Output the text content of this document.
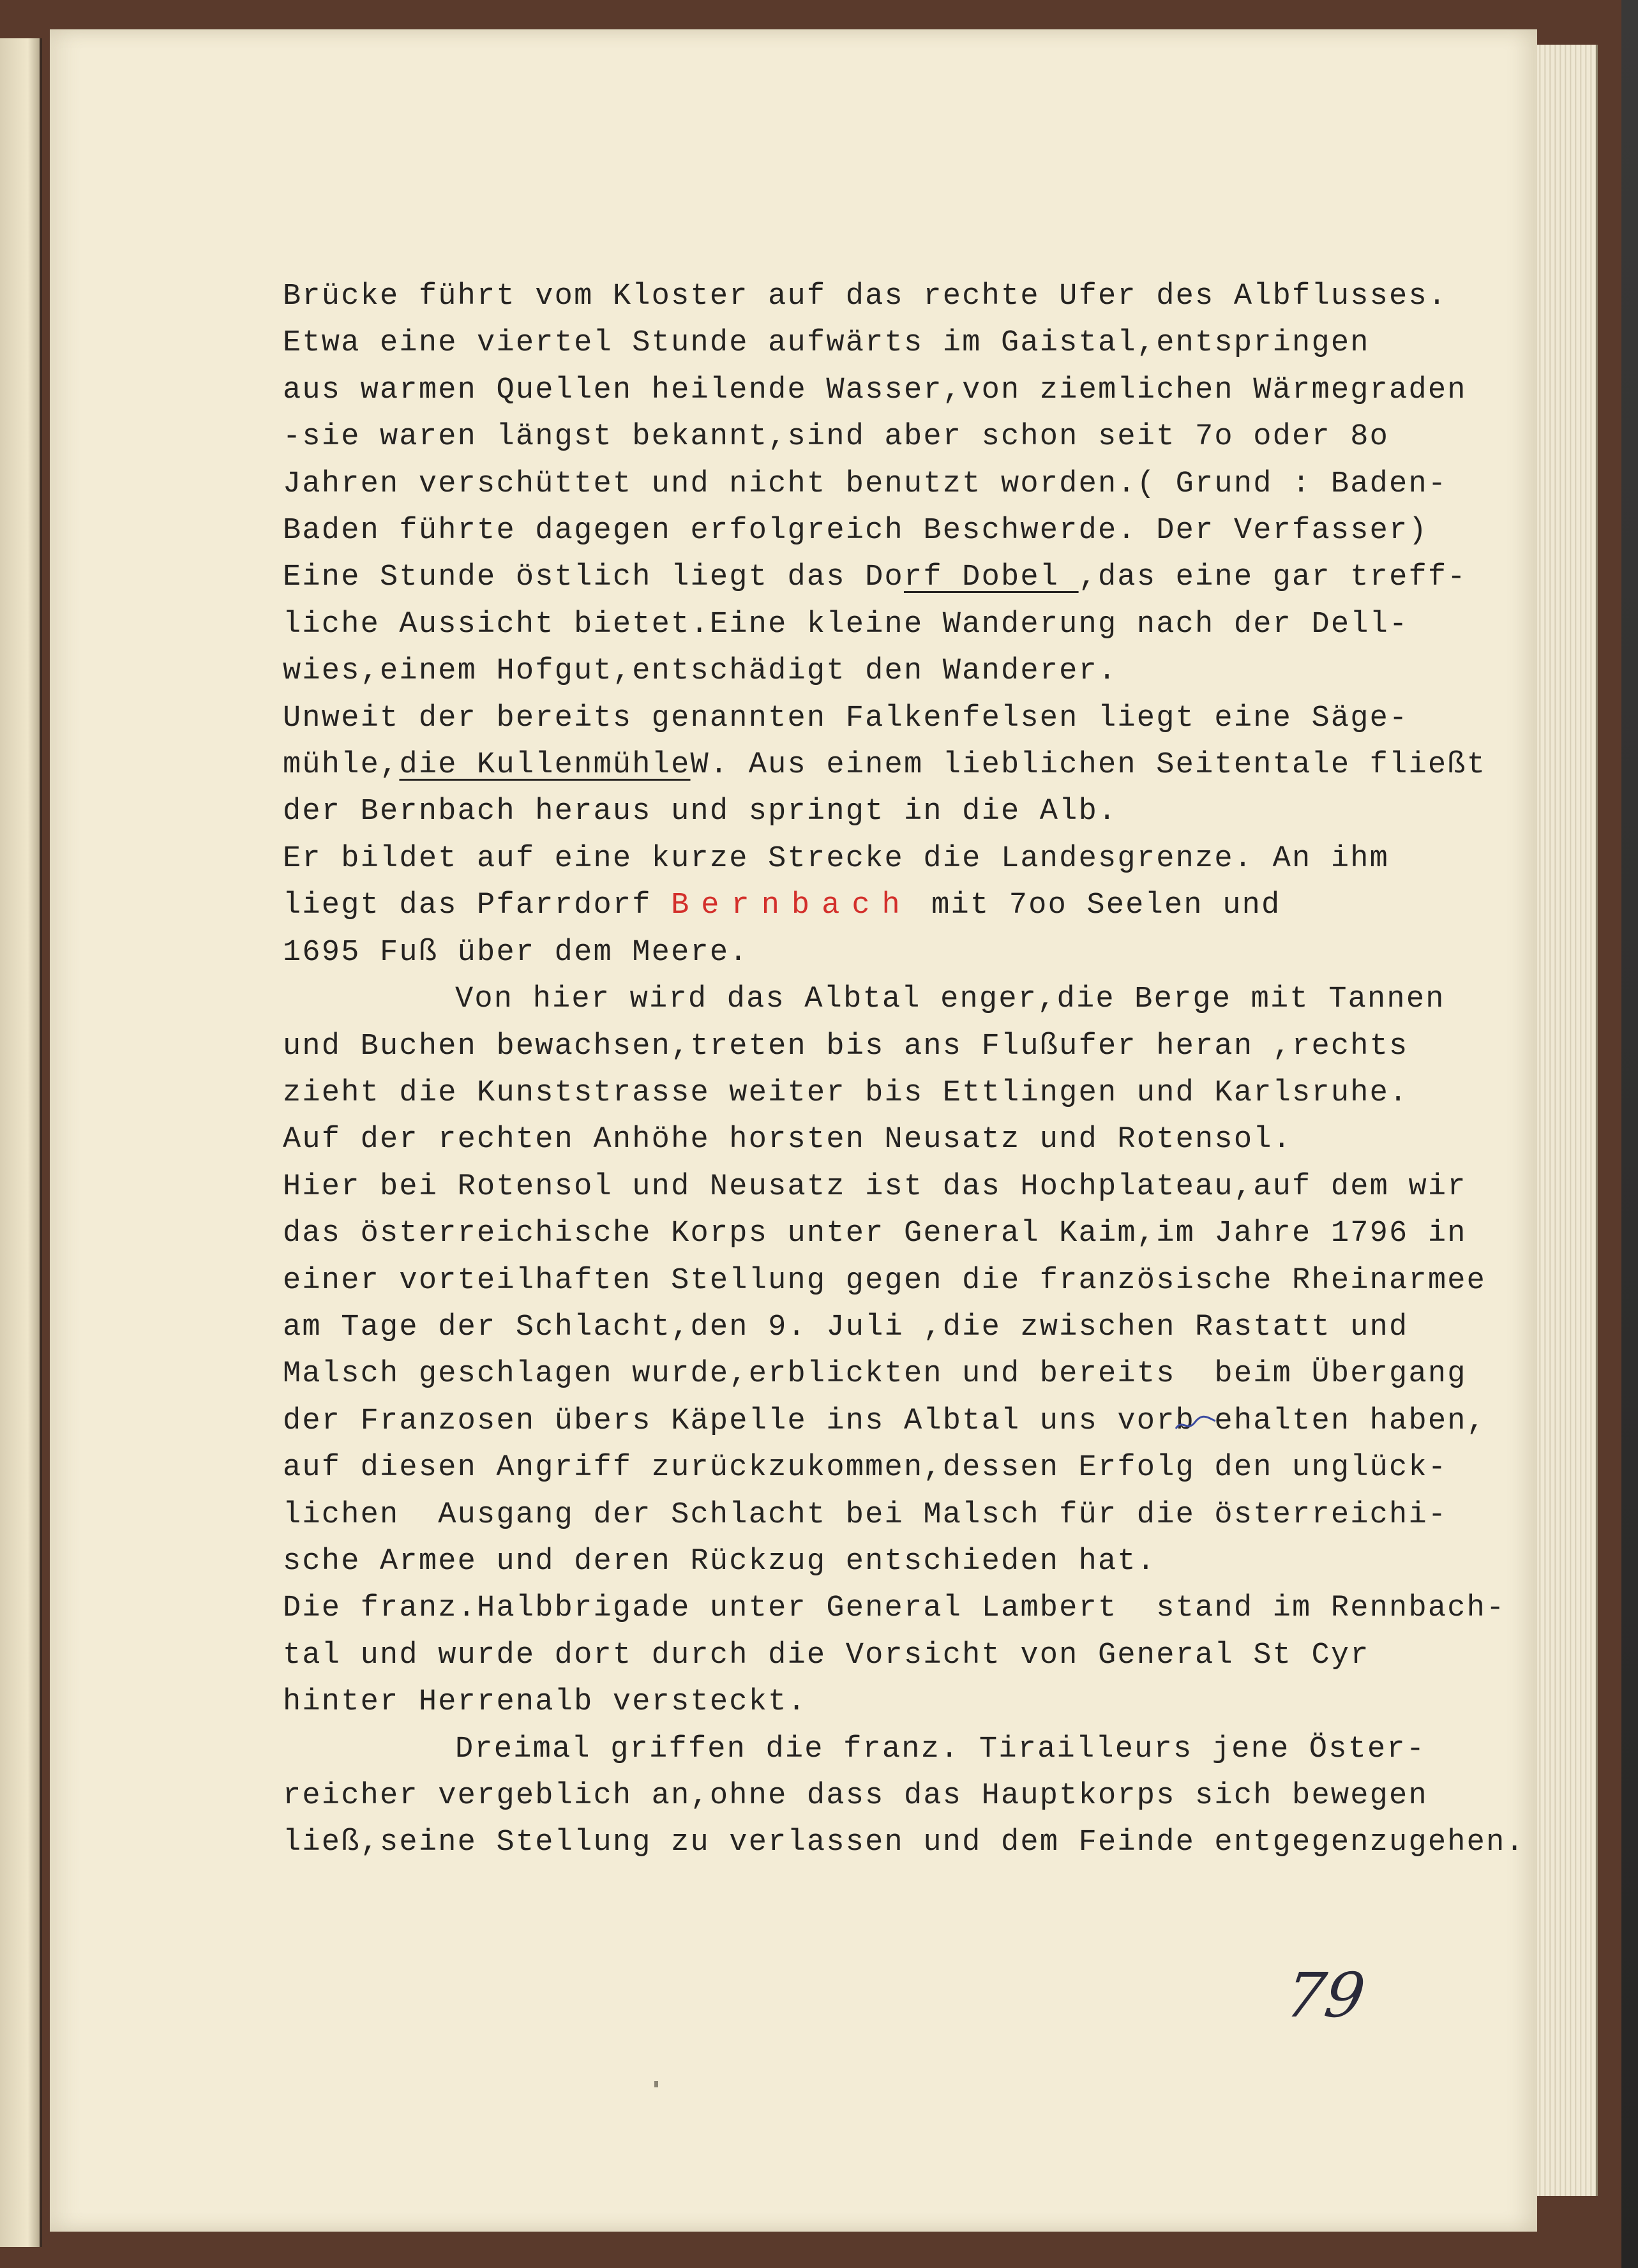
Brücke führt vom Kloster auf das rechte Ufer des Albflusses.
Etwa eine viertel Stunde aufwärts im Gaistal,entspringen
aus warmen Quellen heilende Wasser,von ziemlichen Wärmegraden
-sie waren längst bekannt,sind aber schon seit 7o oder 8o
Jahren verschüttet und nicht benutzt worden.( Grund : Baden-
Baden führte dagegen erfolgreich Beschwerde. Der Verfasser)
Eine Stunde östlich liegt das Dorf Dobel ,das eine gar treff-
liche Aussicht bietet.Eine kleine Wanderung nach der Dell-
wies,einem Hofgut,entschädigt den Wanderer.
Unweit der bereits genannten Falkenfelsen liegt eine Säge-
mühle,die KullenmühleW. Aus einem lieblichen Seitentale fließt
der Bernbach heraus und springt in die Alb.
Er bildet auf eine kurze Strecke die Landesgrenze. An ihm
liegt das Pfarrdorf Bernbach mit 7oo Seelen und
1695 Fuß über dem Meere.
Von hier wird das Albtal enger,die Berge mit Tannen
und Buchen bewachsen,treten bis ans Flußufer heran ,rechts
zieht die Kunststrasse weiter bis Ettlingen und Karlsruhe.
Auf der rechten Anhöhe horsten Neusatz und Rotensol.
Hier bei Rotensol und Neusatz ist das Hochplateau,auf dem wir
das österreichische Korps unter General Kaim,im Jahre 1796 in
einer vorteilhaften Stellung gegen die französische Rheinarmee
am Tage der Schlacht,den 9. Juli ,die zwischen Rastatt und
Malsch geschlagen wurde,erblickten und bereits  beim Übergang
der Franzosen übers Käpelle ins Albtal uns vorb ehalten haben,
auf diesen Angriff zurückzukommen,dessen Erfolg den unglück-
lichen  Ausgang der Schlacht bei Malsch für die österreichi-
sche Armee und deren Rückzug entschieden hat.
Die franz.Halbbrigade unter General Lambert  stand im Rennbach-
tal und wurde dort durch die Vorsicht von General St Cyr
hinter Herrenalb versteckt.
Dreimal griffen die franz. Tirailleurs jene Öster-
reicher vergeblich an,ohne dass das Hauptkorps sich bewegen
ließ,seine Stellung zu verlassen und dem Feinde entgegenzugehen.
79
